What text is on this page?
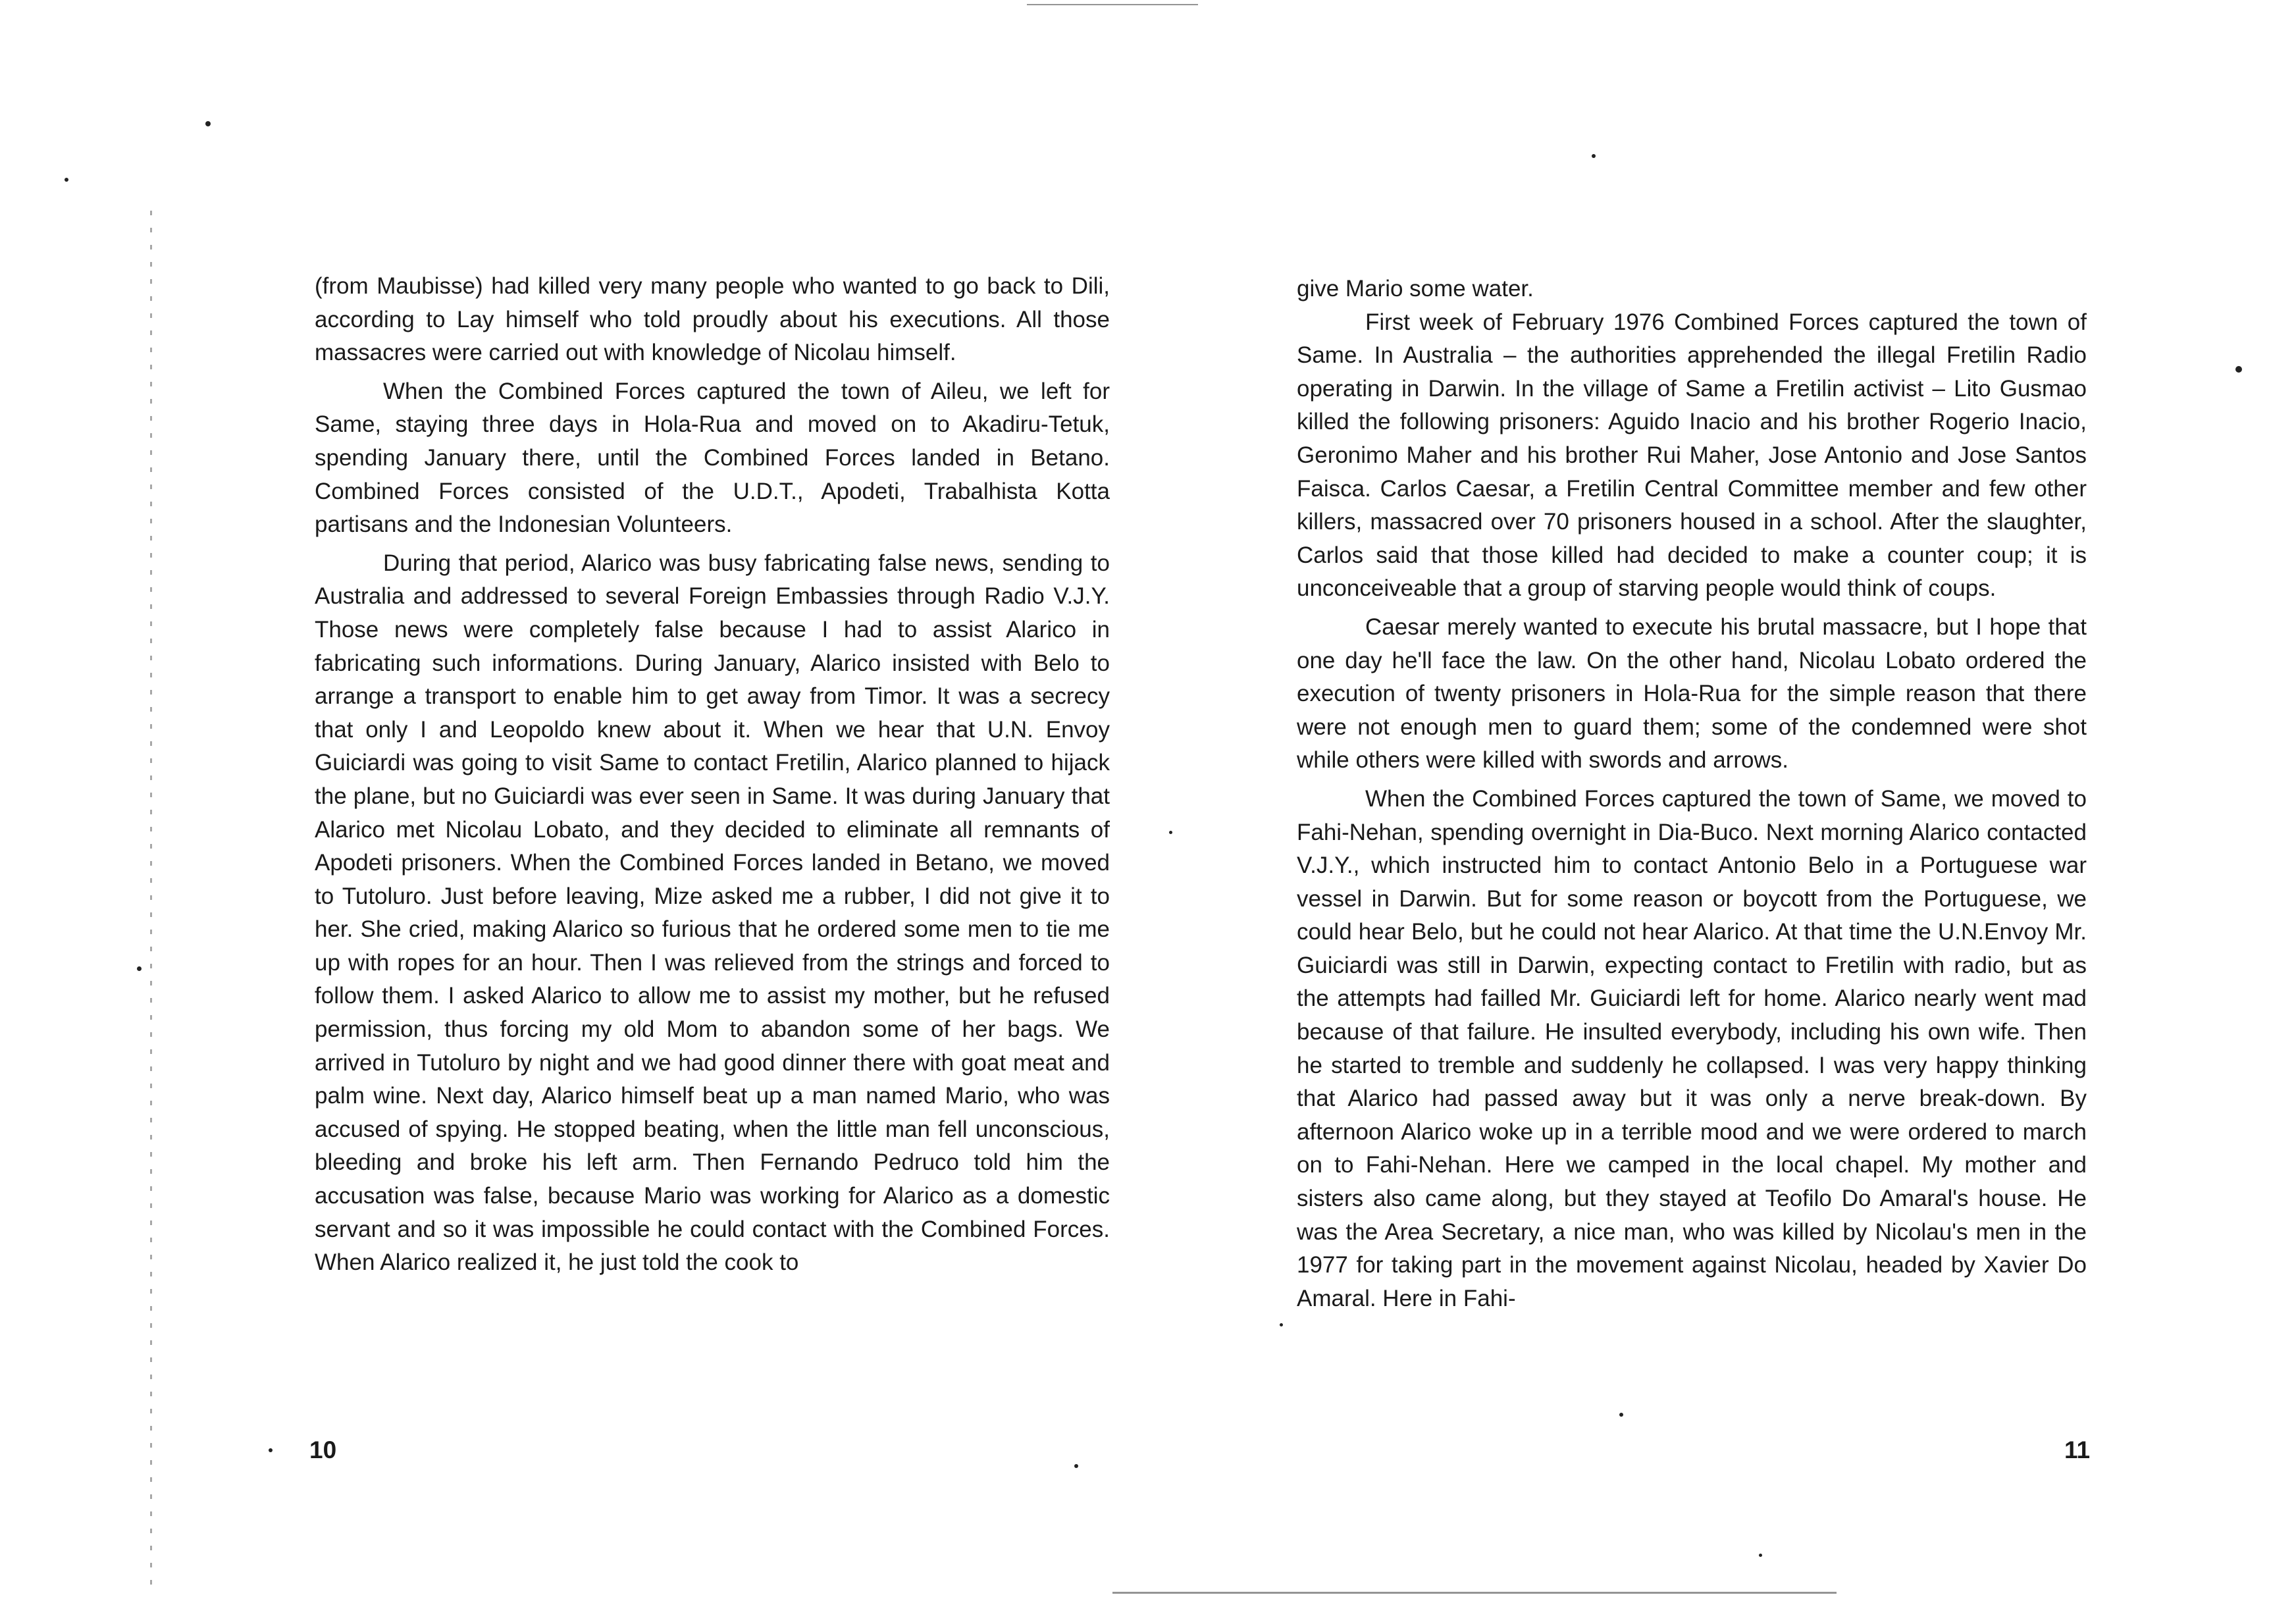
(from Maubisse) had killed very many people who wanted to go back to Dili, according to Lay himself who told proudly about his executions. All those massacres were carried out with knowledge of Nicolau himself.

When the Combined Forces captured the town of Aileu, we left for Same, staying three days in Hola-Rua and moved on to Akadiru-Tetuk, spending January there, until the Combined Forces landed in Betano. Combined Forces consisted of the U.D.T., Apodeti, Trabalhista Kotta partisans and the Indonesian Volunteers.

During that period, Alarico was busy fabricating false news, sending to Australia and addressed to several Foreign Embassies through Radio V.J.Y. Those news were completely false because I had to assist Alarico in fabricating such informations. During January, Alarico insisted with Belo to arrange a transport to enable him to get away from Timor. It was a secrecy that only I and Leopoldo knew about it. When we hear that U.N. Envoy Guiciardi was going to visit Same to contact Fretilin, Alarico planned to hijack the plane, but no Guiciardi was ever seen in Same. It was during January that Alarico met Nicolau Lobato, and they decided to eliminate all remnants of Apodeti prisoners. When the Combined Forces landed in Betano, we moved to Tutoluro. Just before leaving, Mize asked me a rubber, I did not give it to her. She cried, making Alarico so furious that he ordered some men to tie me up with ropes for an hour. Then I was relieved from the strings and forced to follow them. I asked Alarico to allow me to assist my mother, but he refused permission, thus forcing my old Mom to abandon some of her bags. We arrived in Tutoluro by night and we had good dinner there with goat meat and palm wine. Next day, Alarico himself beat up a man named Mario, who was accused of spying. He stopped beating, when the little man fell unconscious, bleeding and broke his left arm. Then Fernando Pedruco told him the accusation was false, because Mario was working for Alarico as a domestic servant and so it was impossible he could contact with the Combined Forces. When Alarico realized it, he just told the cook to

10

give Mario some water.

First week of February 1976 Combined Forces captured the town of Same. In Australia – the authorities apprehended the illegal Fretilin Radio operating in Darwin. In the village of Same a Fretilin activist – Lito Gusmao killed the following prisoners: Aguido Inacio and his brother Rogerio Inacio, Geronimo Maher and his brother Rui Maher, Jose Antonio and Jose Santos Faisca. Carlos Caesar, a Fretilin Central Committee member and few other killers, massacred over 70 prisoners housed in a school. After the slaughter, Carlos said that those killed had decided to make a counter coup; it is unconceiveable that a group of starving people would think of coups.

Caesar merely wanted to execute his brutal massacre, but I hope that one day he'll face the law. On the other hand, Nicolau Lobato ordered the execution of twenty prisoners in Hola-Rua for the simple reason that there were not enough men to guard them; some of the condemned were shot while others were killed with swords and arrows.

When the Combined Forces captured the town of Same, we moved to Fahi-Nehan, spending overnight in Dia-Buco. Next morning Alarico contacted V.J.Y., which instructed him to contact Antonio Belo in a Portuguese war vessel in Darwin. But for some reason or boycott from the Portuguese, we could hear Belo, but he could not hear Alarico. At that time the U.N.Envoy Mr. Guiciardi was still in Darwin, expecting contact to Fretilin with radio, but as the attempts had failled Mr. Guiciardi left for home. Alarico nearly went mad because of that failure. He insulted everybody, including his own wife. Then he started to tremble and suddenly he collapsed. I was very happy thinking that Alarico had passed away but it was only a nerve break-down. By afternoon Alarico woke up in a terrible mood and we were ordered to march on to Fahi-Nehan. Here we camped in the local chapel. My mother and sisters also came along, but they stayed at Teofilo Do Amaral's house. He was the Area Secretary, a nice man, who was killed by Nicolau's men in the 1977 for taking part in the movement against Nicolau, headed by Xavier Do Amaral. Here in Fahi-

11
